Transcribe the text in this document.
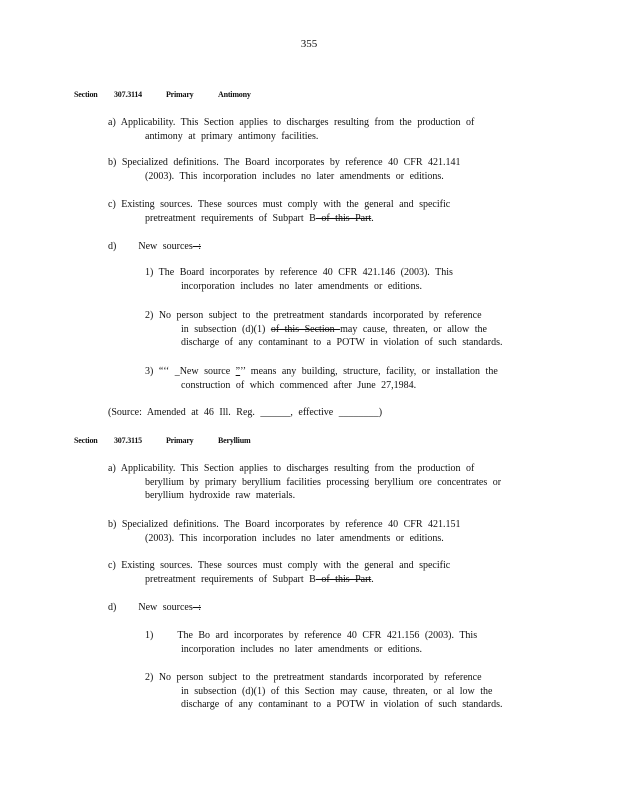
355
Section 307.3114	Primary	Antimony
a) Applicability. This Section applies to discharges resulting from the production of
antimony at primary antimony facilities.
b) Specialized definitions. The Board incorporates by reference 40 CFR 421.141
(2003). This incorporation includes no later amendments or editions.
c) Existing sources. These sources must comply with the general and specific
pretreatment requirements of Subpart B of this Part.
d) New sources :
1) The Board incorporates by reference 40 CFR 421.146 (2003). This
incorporation includes no later amendments or editions.
2) No person subject to the pretreatment standards incorporated by reference
in subsection (d)(1) of this Section may cause, threaten, or allow the
discharge of any contaminant to a POTW in violation of such standards.
3) “‘‘ _New source ”’’ means any building, structure, facility, or installation the
construction of which commenced after June 27,1984.
(Source: Amended at 46 Ill. Reg. ______, effective ________)
Section 307.3115	Primary	Beryllium
a) Applicability. This Section applies to discharges resulting from the production of
beryllium by primary beryllium facilities processing beryllium ore concentrates or
beryllium hydroxide raw materials.
b) Specialized definitions. The Board incorporates by reference 40 CFR 421.151
(2003). This incorporation includes no later amendments or editions.
c) Existing sources. These sources must comply with the general and specific
pretreatment requirements of Subpart B of this Part.
d) New sources :
1) The Bo ard incorporates by reference 40 CFR 421.156 (2003). This
incorporation includes no later amendments or editions.
2) No person subject to the pretreatment standards incorporated by reference
in subsection (d)(1) of this Section may cause, threaten, or al low the
discharge of any contaminant to a POTW in violation of such standards.
